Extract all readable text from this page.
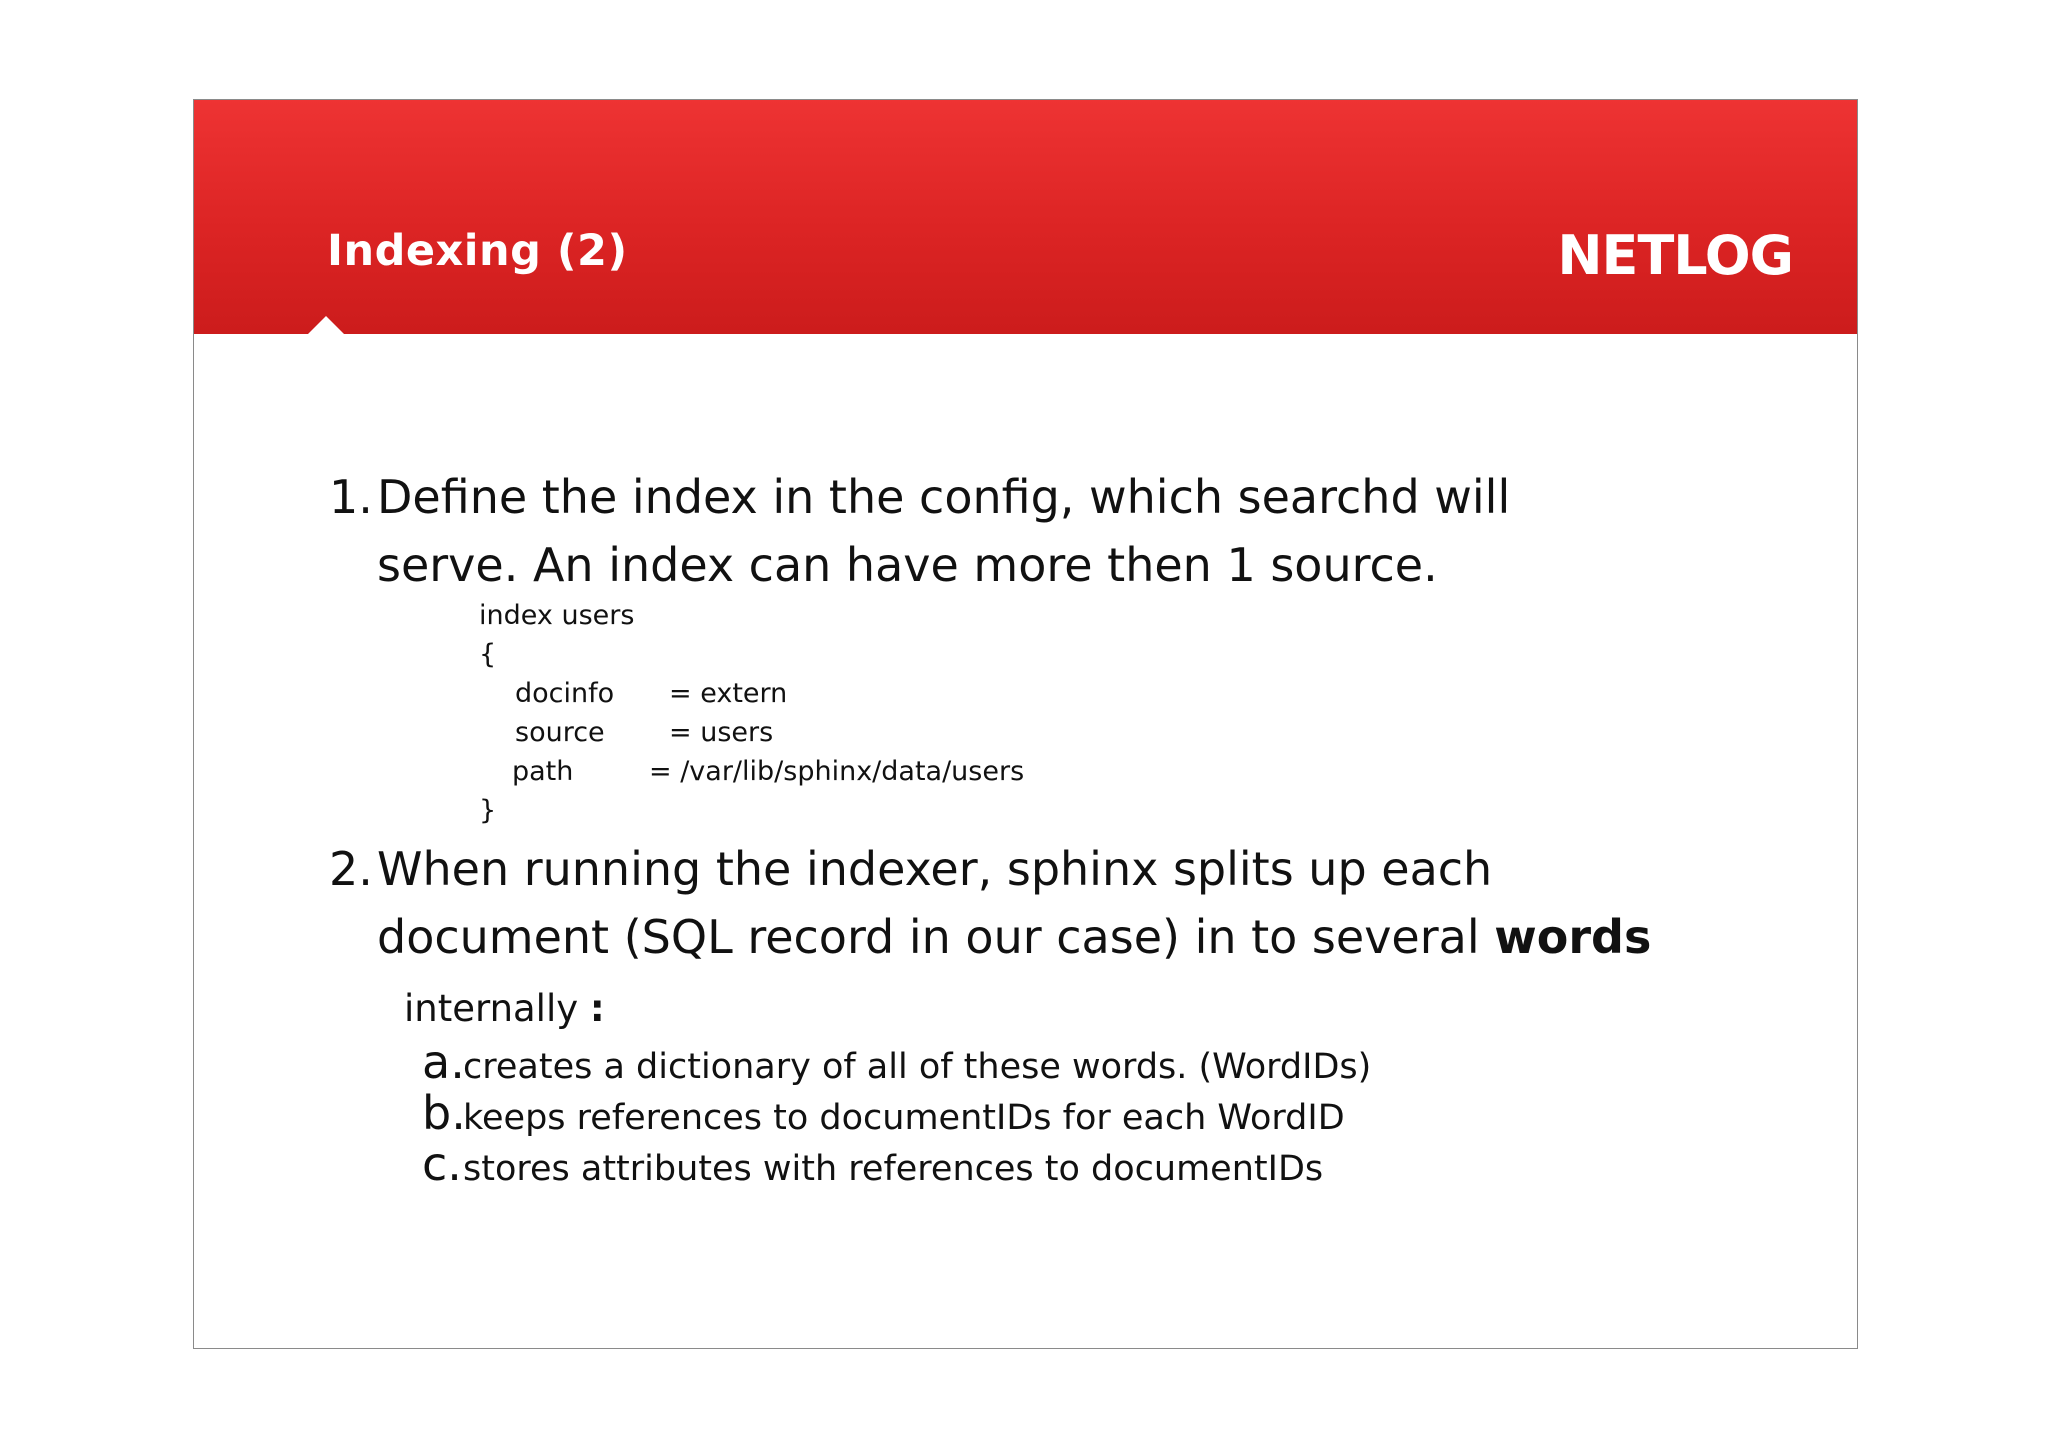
Indexing (2)	NETLOG
1.Define the index in the config, which searchd will
serve. An index can have more then 1 source.
index users
{
docinfo = extern
source = users
path	= /var/lib/sphinx/data/users
}
2.When running the indexer, sphinx splits up each
document (SQL record in our case) in to several words
internally :
a.creates a dictionary of all of these words. (WordIDs)
b.keeps references to documentIDs for each WordID
c.stores attributes with references to documentIDs
